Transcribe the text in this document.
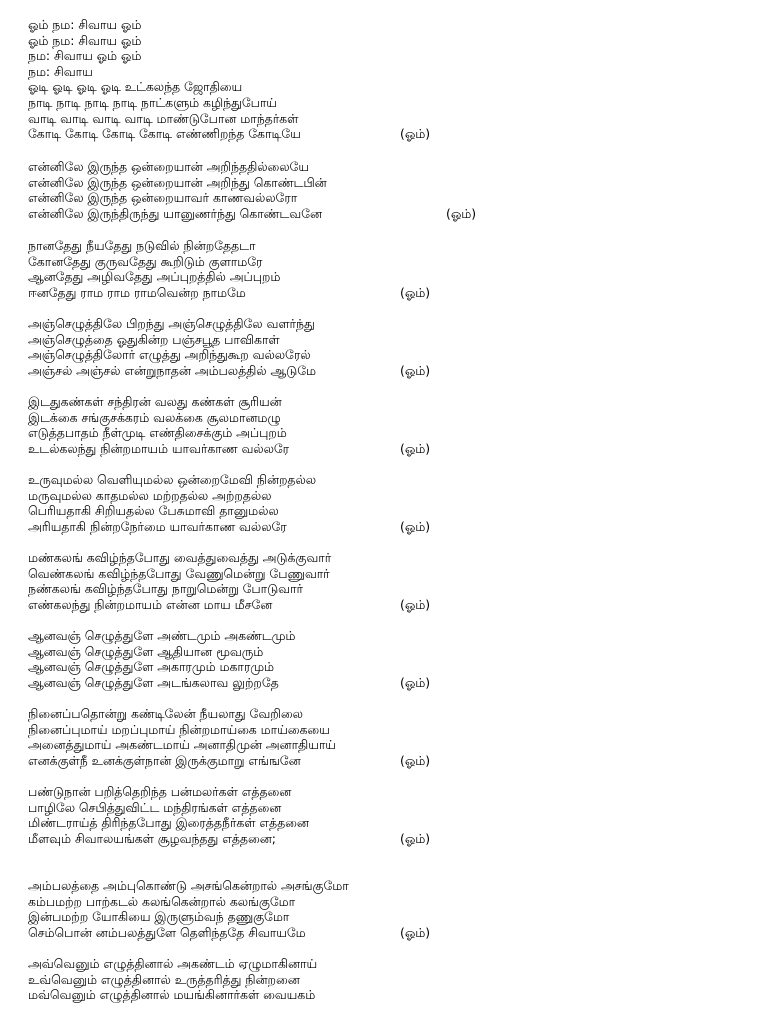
ஓம் நம: சிவாய ஓம்
ஓம் நம: சிவாய ஓம்
நம: சிவாய ஓம் ஓம்
நம: சிவாய
ஓடி ஓடி ஓடி ஓடி உட்கலந்த ஜோதியை
நாடி நாடி நாடி நாடி நாட்களும் கழிந்துபோய்
வாடி வாடி வாடி வாடி மாண்டுபோன மாந்தர்கள்
கோடி கோடி கோடி கோடி எண்ணிறந்த கோடியே	(ஓம்)
என்னிலே இருந்த ஒன்றையான் அறிந்ததில்லையே
என்னிலே இருந்த ஒன்றையான் அறிந்து கொண்டபின்
என்னிலே இருந்த ஒன்றையாவர் காணவல்லரோ
என்னிலே இருந்திருந்து யானுணர்ந்து கொண்டவனே	(ஓம்)
நானதேது நீயதேது நடுவில் நின்றதேதடா
கோனதேது குருவதேது கூறிடும் குளாமரே
ஆனதேது அழிவதேது அப்புறத்தில் அப்புறம்
ஈனதேது ராம ராம ராமவென்ற நாமமே	(ஓம்)
அஞ்செழுத்திலே பிறந்து அஞ்செழுத்திலே வளர்ந்து
அஞ்செழுத்தை ஓதுகின்ற பஞ்சபூத பாவிகாள்
அஞ்செழுத்திலோர் எழுத்து அறிந்துகூற வல்லரேல்
அஞ்சல் அஞ்சல் என்றுநாதன் அம்பலத்தில் ஆடுமே	(ஓம்)
இடதுகண்கள் சந்திரன் வலது கண்கள் சூரியன்
இடக்கை சங்குசக்கரம் வலக்கை சூலமானமழு
எடுத்தபாதம் நீள்முடி எண்திசைக்கும் அப்புறம்
உடல்கலந்து நின்றமாயம் யாவர்காண வல்லரே	(ஓம்)
உருவுமல்ல வெளியுமல்ல ஒன்றைமேவி நின்றதல்ல
மருவுமல்ல காதமல்ல மற்றதல்ல அற்றதல்ல
பெரியதாகி சிறியதல்ல பேசுமாவி தானுமல்ல
அரியதாகி நின்றநேர்மை யாவர்காண வல்லரே	(ஓம்)
மண்கலங் கவிழ்ந்தபோது வைத்துவைத்து அடுக்குவார்
வெண்கலங் கவிழ்ந்தபோது வேணுமென்று பேணுவார்
நண்கலங் கவிழ்ந்தபோது நாறுமென்று போடுவார்
எண்கலந்து நின்றமாயம் என்ன மாய மீசனே	(ஓம்)
ஆனவஞ் செழுத்துளே அண்டமும் அகண்டமும்
ஆனவஞ் செழுத்துளே ஆதியான மூவரும்
ஆனவஞ் செழுத்துளே அகாரமும் மகாரமும்
ஆனவஞ் செழுத்துளே அடங்கலாவ லுற்றதே	(ஓம்)
நினைப்பதொன்று கண்டிலேன் நீயலாது வேறிலை
நினைப்புமாய் மறப்புமாய் நின்றமாய்கை மாய்கையை
அனைத்துமாய் அகண்டமாய் அனாதிமுன் அனாதியாய்
எனக்குள்நீ உனக்குள்நான் இருக்குமாறு எங்ஙனே	(ஓம்)
பண்டுநான் பறித்தெறிந்த பன்மலர்கள் எத்தனை
பாழிலே செபித்துவிட்ட மந்திரங்கள் எத்தனை
மிண்டராய்த் திரிந்தபோது இரைத்தநீர்கள் எத்தனை
மீளவும் சிவாலயங்கள் சூழவந்தது எத்தனை;	(ஓம்)
அம்பலத்தை அம்புகொண்டு அசங்கென்றால் அசங்குமோ
கம்பமற்ற பாற்கடல் கலங்கென்றால் கலங்குமோ
இன்பமற்ற யோகியை இருளும்வந் தணுகுமோ
செம்பொன் னம்பலத்துளே தெளிந்ததே சிவாயமே	(ஓம்)
அவ்வெனும் எழுத்தினால் அகண்டம் ஏழுமாகினாய்
உவ்வெனும் எழுத்தினால் உருத்தரித்து நின்றனை
மவ்வெனும் எழுத்தினால் மயங்கினார்கள் வையகம்
